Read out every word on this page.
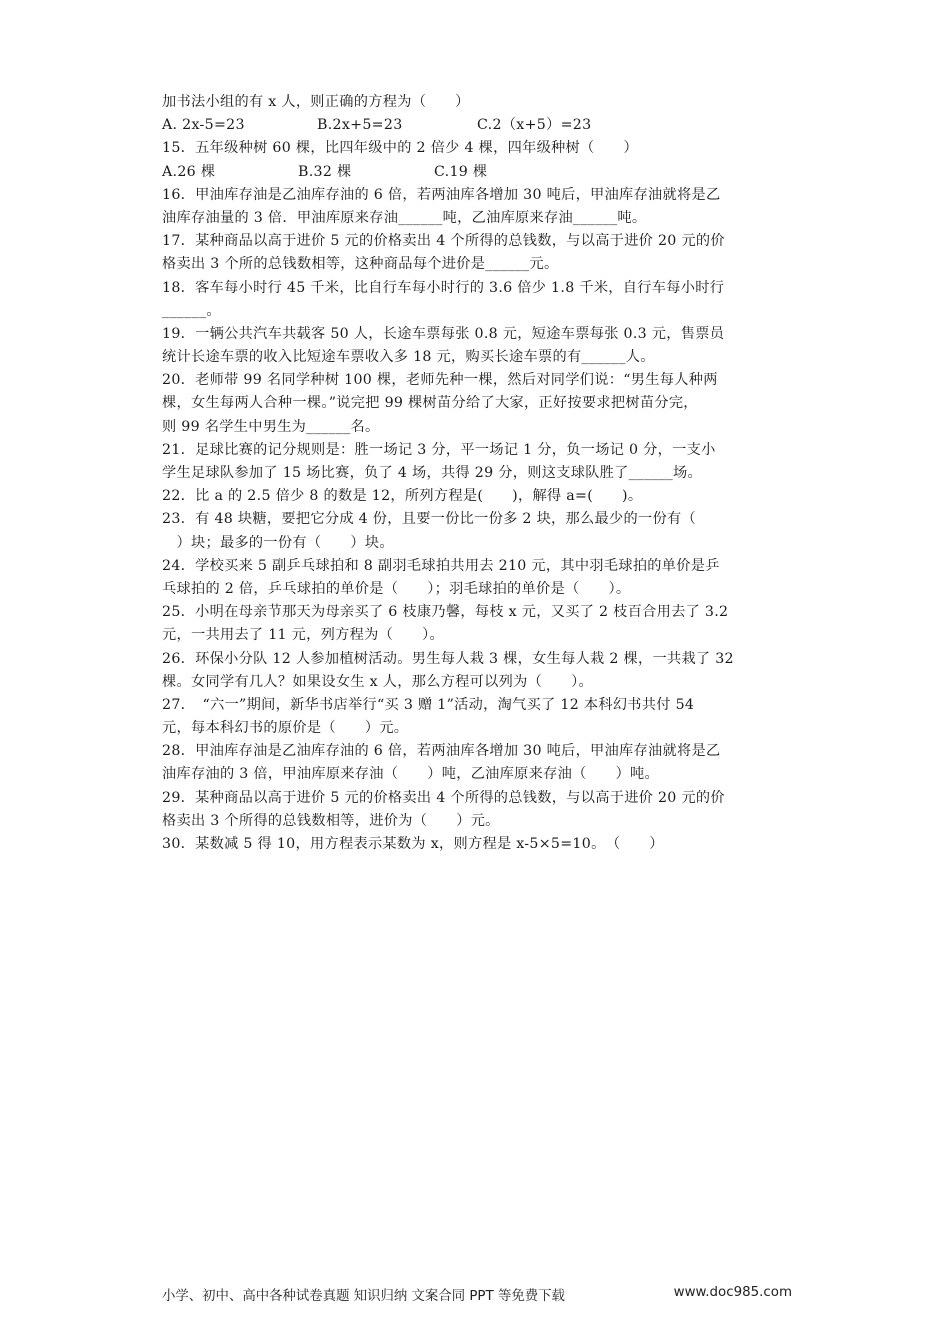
加书法小组的有 x 人，则正确的方程为（　　）
A. 2x-5=23	B.2x+5=23	C.2（x+5）=23
15．五年级种树 60 棵，比四年级中的 2 倍少 4 棵，四年级种树（　　）
A.26 棵	B.32 棵	C.19 棵
16．甲油库存油是乙油库存油的 6 倍，若两油库各增加 30 吨后，甲油库存油就将是乙
油库存油量的 3 倍．甲油库原来存油______吨，乙油库原来存油______吨。
17．某种商品以高于进价 5 元的价格卖出 4 个所得的总钱数，与以高于进价 20 元的价
格卖出 3 个所的总钱数相等，这种商品每个进价是______元。
18．客车每小时行 45 千米，比自行车每小时行的 3.6 倍少 1.8 千米，自行车每小时行
______。
19．一辆公共汽车共载客 50 人，长途车票每张 0.8 元，短途车票每张 0.3 元，售票员
统计长途车票的收入比短途车票收入多 18 元，购买长途车票的有______人。
20．老师带 99 名同学种树 100 棵，老师先种一棵，然后对同学们说：“男生每人种两
棵，女生每两人合种一棵。”说完把 99 棵树苗分给了大家，正好按要求把树苗分完，
则 99 名学生中男生为______名。
21．足球比赛的记分规则是：胜一场记 3 分，平一场记 1 分，负一场记 0 分，一支小
学生足球队参加了 15 场比赛，负了 4 场，共得 29 分，则这支球队胜了______场。
22．比 a 的 2.5 倍少 8 的数是 12，所列方程是(　　)，解得 a=(　　)。
23．有 48 块糖，要把它分成 4 份，且要一份比一份多 2 块，那么最少的一份有（
　）块；最多的一份有（　　）块。
24．学校买来 5 副乒乓球拍和 8 副羽毛球拍共用去 210 元，其中羽毛球拍的单价是乒
乓球拍的 2 倍，乒乓球拍的单价是（　　）；羽毛球拍的单价是（　　）。
25．小明在母亲节那天为母亲买了 6 枝康乃馨，每枝 x 元，又买了 2 枝百合用去了 3.2
元，一共用去了 11 元，列方程为（　　）。
26．环保小分队 12 人参加植树活动。男生每人栽 3 棵，女生每人栽 2 棵，一共栽了 32
棵。女同学有几人？如果设女生 x 人，那么方程可以列为（　　）。
27．　“六一”期间，新华书店举行“买 3 赠 1”活动，淘气买了 12 本科幻书共付 54
元，每本科幻书的原价是（　　）元。
28．甲油库存油是乙油库存油的 6 倍，若两油库各增加 30 吨后，甲油库存油就将是乙
油库存油的 3 倍，甲油库原来存油（　　）吨，乙油库原来存油（　　）吨。
29．某种商品以高于进价 5 元的价格卖出 4 个所得的总钱数，与以高于进价 20 元的价
格卖出 3 个所得的总钱数相等，进价为（　　）元。
30．某数减 5 得 10，用方程表示某数为 x，则方程是 x-5×5=10。　（　　）
小学、初中、高中各种试卷真题 知识归纳 文案合同 PPT 等免费下载	www.doc985.com
